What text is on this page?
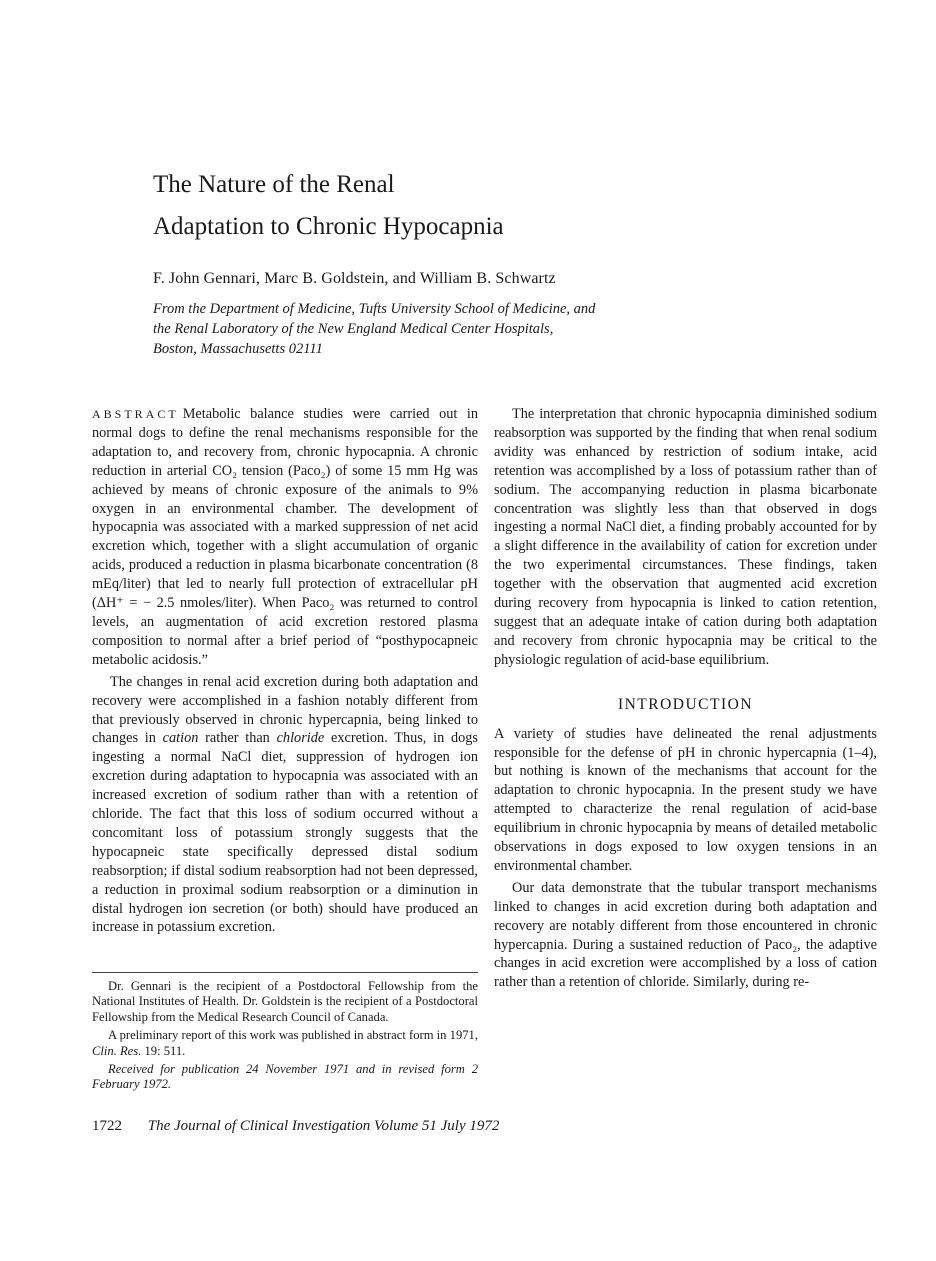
The Nature of the Renal
Adaptation to Chronic Hypocapnia
F. John Gennari, Marc B. Goldstein, and William B. Schwartz
From the Department of Medicine, Tufts University School of Medicine, and
the Renal Laboratory of the New England Medical Center Hospitals,
Boston, Massachusetts 02111

ABSTRACT Metabolic balance studies were carried out in normal dogs to define the renal mechanisms responsible for the adaptation to, and recovery from, chronic hypocapnia. A chronic reduction in arterial CO₂ tension (Paco₂) of some 15 mm Hg was achieved by means of chronic exposure of the animals to 9% oxygen in an environmental chamber. The development of hypocapnia was associated with a marked suppression of net acid excretion which, together with a slight accumulation of organic acids, produced a reduction in plasma bicarbonate concentration (8 mEq/liter) that led to nearly full protection of extracellular pH (ΔH⁺ = − 2.5 nmoles/liter). When Paco₂ was returned to control levels, an augmentation of acid excretion restored plasma composition to normal after a brief period of “posthypocapneic metabolic acidosis.”

The changes in renal acid excretion during both adaptation and recovery were accomplished in a fashion notably different from that previously observed in chronic hypercapnia, being linked to changes in cation rather than chloride excretion. Thus, in dogs ingesting a normal NaCl diet, suppression of hydrogen ion excretion during adaptation to hypocapnia was associated with an increased excretion of sodium rather than with a retention of chloride. The fact that this loss of sodium occurred without a concomitant loss of potassium strongly suggests that the hypocapneic state specifically depressed distal sodium reabsorption; if distal sodium reabsorption had not been depressed, a reduction in proximal sodium reabsorption or a diminution in distal hydrogen ion secretion (or both) should have produced an increase in potassium excretion.

Dr. Gennari is the recipient of a Postdoctoral Fellowship from the National Institutes of Health. Dr. Goldstein is the recipient of a Postdoctoral Fellowship from the Medical Research Council of Canada.

A preliminary report of this work was published in abstract form in 1971, Clin. Res. 19: 511.

Received for publication 24 November 1971 and in revised form 2 February 1972.

The interpretation that chronic hypocapnia diminished sodium reabsorption was supported by the finding that when renal sodium avidity was enhanced by restriction of sodium intake, acid retention was accomplished by a loss of potassium rather than of sodium. The accompanying reduction in plasma bicarbonate concentration was slightly less than that observed in dogs ingesting a normal NaCl diet, a finding probably accounted for by a slight difference in the availability of cation for excretion under the two experimental circumstances. These findings, taken together with the observation that augmented acid excretion during recovery from hypocapnia is linked to cation retention, suggest that an adequate intake of cation during both adaptation and recovery from chronic hypocapnia may be critical to the physiologic regulation of acid-base equilibrium.

INTRODUCTION

A variety of studies have delineated the renal adjustments responsible for the defense of pH in chronic hypercapnia (1–4), but nothing is known of the mechanisms that account for the adaptation to chronic hypocapnia. In the present study we have attempted to characterize the renal regulation of acid-base equilibrium in chronic hypocapnia by means of detailed metabolic observations in dogs exposed to low oxygen tensions in an environmental chamber.

Our data demonstrate that the tubular transport mechanisms linked to changes in acid excretion during both adaptation and recovery are notably different from those encountered in chronic hypercapnia. During a sustained reduction of Paco₂, the adaptive changes in acid excretion were accomplished by a loss of cation rather than a retention of chloride. Similarly, during re-

1722 The Journal of Clinical Investigation Volume 51 July 1972
